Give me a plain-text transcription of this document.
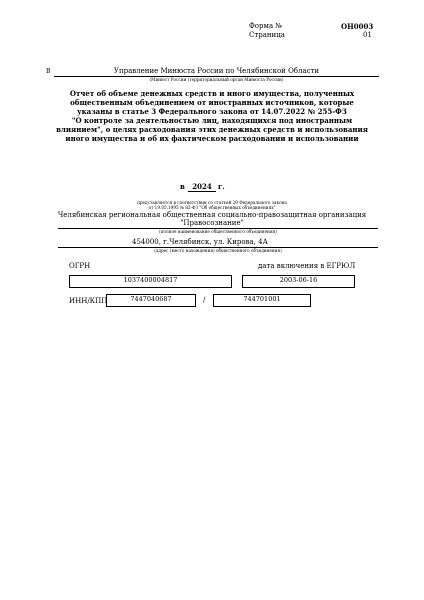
Форма №	ОН0003
Страница	01
В	Управление Минюста России по Челябинской Области
(Минюст России (территориальный орган Минюста России)
Отчет об объеме денежных средств и иного имущества, полученных
общественным объединением от иностранных источников, которые
указаны в статье 3 Федерального закона от 14.07.2022 № 255-ФЗ
"О контроле за деятельностью лиц, находящихся под иностранным
влиянием", о целях расходования этих денежных средств и использования
иного имущества и об их фактическом расходовании и использовании
в	2024 г.
представляется в соответствии со статьей 29 Федерального закона
от 19.05.1995 № 82-ФЗ "Об общественных объединениях"
Челябинская региональная общественная социально-правозащитная организация
"Правосознание"
(полное наименование общественного объединения)
454000, г.Челябинск, ул. Кирова, 4А
(адрес (место нахождения) общественного объединения)
ОГРН	дата включения в ЕГРЮЛ
1037400004817	2003-06-16
ИНН/КПП	7447040687	/	744701001
